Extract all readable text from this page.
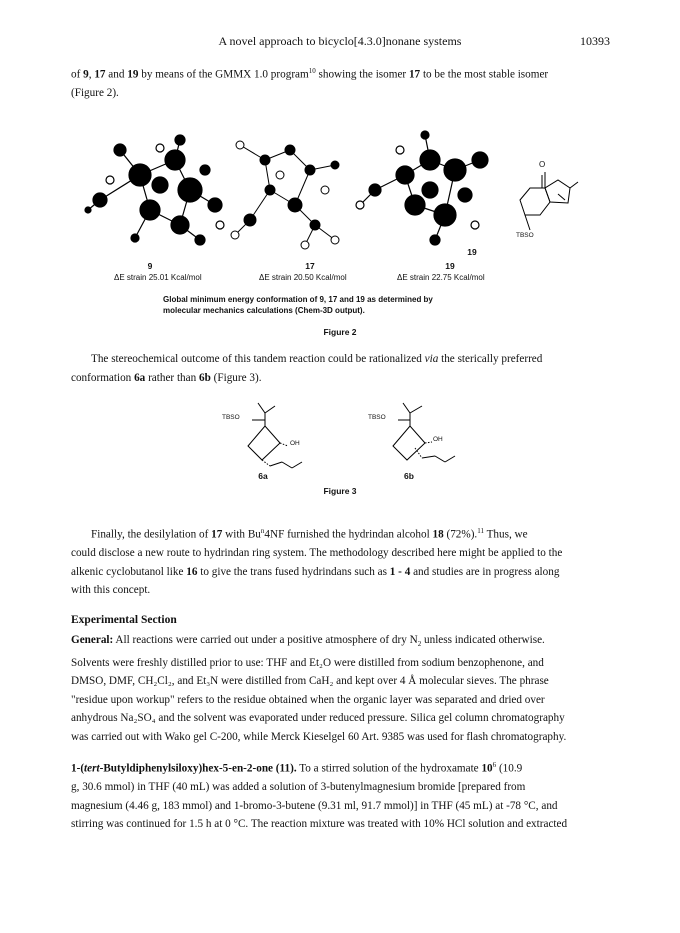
A novel approach to bicyclo[4.3.0]nonane systems	10393
of 9, 17 and 19 by means of the GMMX 1.0 program$^{10}$ showing the isomer 17 to be the most stable isomer
(Figure 2).
O
TBSO
19
9	17	19
ΔE strain 25.01 Kcal/mol	ΔE strain 20.50 Kcal/mol	ΔE strain 22.75 Kcal/mol
Global minimum energy conformation of 9, 17 and 19 as determined by
molecular mechanics calculations (Chem-3D output).
Figure 2
The stereochemical outcome of this tandem reaction could be rationalized via the sterically preferred
conformation 6a rather than 6b (Figure 3).
TBSO
OH
TBSO
OH
6a	6b
Figure 3
Finally, the desilylation of 17 with Bu$^n$4NF furnished the hydrindan alcohol 18 (72%).$^{11}$ Thus, we
could disclose a new route to hydrindan ring system. The methodology described here might be applied to the
alkenic cyclobutanol like 16 to give the trans fused hydrindans such as 1 - 4 and studies are in progress along
with this concept.
Experimental Section
General: All reactions were carried out under a positive atmosphere of dry $N_2$ unless indicated otherwise.
Solvents were freshly distilled prior to use: THF and Et₂O were distilled from sodium benzophenone, and
DMSO, DMF, CH₂Cl₂, and Et₃N were distilled from CaH₂ and kept over 4 Å molecular sieves. The phrase
"residue upon workup" refers to the residue obtained when the organic layer was separated and dried over
anhydrous Na₂SO₄ and the solvent was evaporated under reduced pressure. Silica gel column chromatography
was carried out with Wako gel C-200, while Merck Kieselgel 60 Art. 9385 was used for flash chromatography.
1-(tert-Butyldiphenylsiloxy)hex-5-en-2-one (11). To a stirred solution of the hydroxamate $10^6$ (10.9
g, 30.6 mmol) in THF (40 mL) was added a solution of 3-butenylmagnesium bromide [prepared from
magnesium (4.46 g, 183 mmol) and 1-bromo-3-butene (9.31 ml, 91.7 mmol)] in THF (45 mL) at -78 °C, and
stirring was continued for 1.5 h at 0 °C. The reaction mixture was treated with 10% HCl solution and extracted
